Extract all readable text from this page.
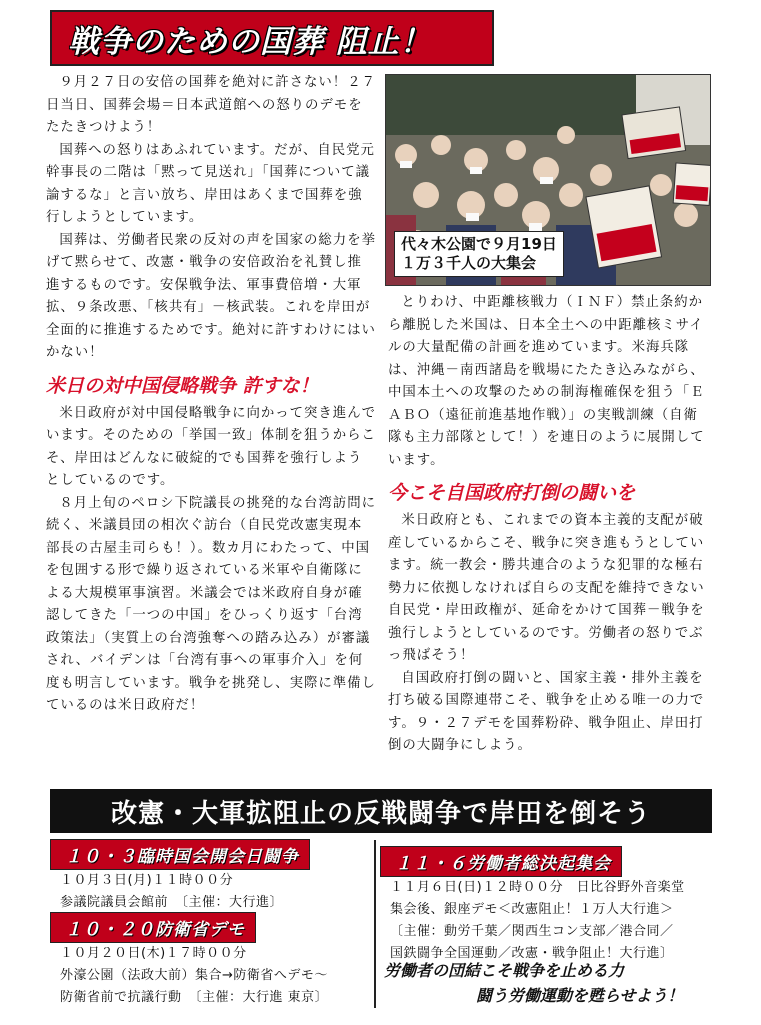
戦争のための国葬 阻止！
代々木公園で９月19日
１万３千人の大集会

９月２７日の安倍の国葬を絶対に許さない！２７日当日、国葬会場＝日本武道館への怒りのデモをたたきつけよう！

国葬への怒りはあふれています。だが、自民党元幹事長の二階は「黙って見送れ」「国葬について議論するな」と言い放ち、岸田はあくまで国葬を強行しようとしています。

国葬は、労働者民衆の反対の声を国家の総力を挙げて黙らせて、改憲・戦争の安倍政治を礼賛し推進するものです。安保戦争法、軍事費倍増・大軍拡、９条改悪、「核共有」－核武装。これを岸田が全面的に推進するためです。絶対に許すわけにはいかない！

米日の対中国侵略戦争 許すな！

米日政府が対中国侵略戦争に向かって突き進んでいます。そのための「挙国一致」体制を狙うからこそ、岸田はどんなに破綻的でも国葬を強行しようとしているのです。

８月上旬のペロシ下院議長の挑発的な台湾訪問に続く、米議員団の相次ぐ訪台（自民党改憲実現本部長の古屋圭司らも！）。数カ月にわたって、中国を包囲する形で繰り返されている米軍や自衛隊による大規模軍事演習。米議会では米政府自身が確認してきた「一つの中国」をひっくり返す「台湾政策法」（実質上の台湾強奪への踏み込み）が審議され、バイデンは「台湾有事への軍事介入」を何度も明言しています。戦争を挑発し、実際に準備しているのは米日政府だ！

とりわけ、中距離核戦力（ＩＮＦ）禁止条約から離脱した米国は、日本全土への中距離核ミサイルの大量配備の計画を進めています。米海兵隊は、沖縄－南西諸島を戦場にたたき込みながら、中国本土への攻撃のための制海権確保を狙う「ＥＡＢＯ（遠征前進基地作戦）」の実戦訓練（自衛隊も主力部隊として！）を連日のように展開しています。

今こそ自国政府打倒の闘いを

米日政府とも、これまでの資本主義的支配が破産しているからこそ、戦争に突き進もうとしています。統一教会・勝共連合のような犯罪的な極右勢力に依拠しなければ自らの支配を維持できない自民党・岸田政権が、延命をかけて国葬－戦争を強行しようとしているのです。労働者の怒りでぶっ飛ばそう！

自国政府打倒の闘いと、国家主義・排外主義を打ち破る国際連帯こそ、戦争を止める唯一の力です。９・２７デモを国葬粉砕、戦争阻止、岸田打倒の大闘争にしよう。

改憲・大軍拡阻止の反戦闘争で岸田を倒そう
１０・３臨時国会開会日闘争
１０月３日(月)１１時００分
参議院議員会館前　〔主催：大行進〕
１０・２０防衛省デモ
１０月２０日(木)１７時００分
外濠公園（法政大前）集合→防衛省へデモ～
防衛省前で抗議行動　〔主催：大行進 東京〕
１１・６労働者総決起集会
１１月６日(日)１２時００分　日比谷野外音楽堂
集会後、銀座デモ＜改憲阻止！１万人大行進＞
〔主催：動労千葉／関西生コン支部／港合同／
国鉄闘争全国運動／改憲・戦争阻止！大行進〕
労働者の団結こそ戦争を止める力
闘う労働運動を甦らせよう！
